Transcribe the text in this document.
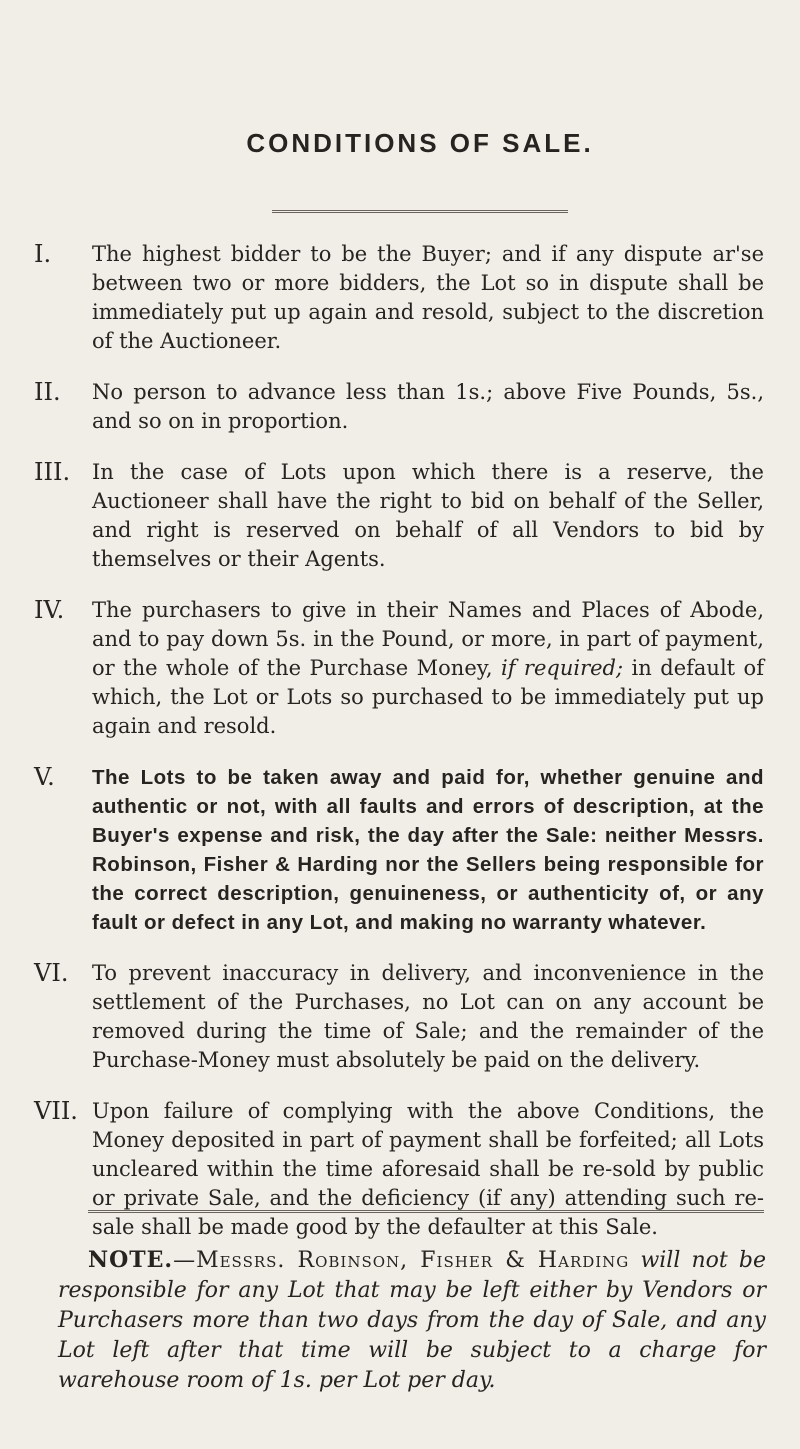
CONDITIONS OF SALE.
I.	The highest bidder to be the Buyer; and if any dispute ar'se between two or more bidders, the Lot so in dispute shall be immediately put up again and resold, subject to the discretion of the Auctioneer.
II.	No person to advance less than 1s.; above Five Pounds, 5s., and so on in proportion.
III.	In the case of Lots upon which there is a reserve, the Auctioneer shall have the right to bid on behalf of the Seller, and right is reserved on behalf of all Vendors to bid by themselves or their Agents.
IV.	The purchasers to give in their Names and Places of Abode, and to pay down 5s. in the Pound, or more, in part of payment, or the whole of the Purchase Money, if required; in default of which, the Lot or Lots so purchased to be immediately put up again and resold.
V.	The Lots to be taken away and paid for, whether genuine and authentic or not, with all faults and errors of description, at the Buyer's expense and risk, the day after the Sale: neither Messrs. Robinson, Fisher & Harding nor the Sellers being responsible for the correct description, genuineness, or authenticity of, or any fault or defect in any Lot, and making no warranty whatever.
VI.	To prevent inaccuracy in delivery, and inconvenience in the settlement of the Purchases, no Lot can on any account be removed during the time of Sale; and the remainder of the Purchase-Money must absolutely be paid on the delivery.
VII. Upon failure of complying with the above Conditions, the Money deposited in part of payment shall be forfeited; all Lots uncleared within the time aforesaid shall be re-sold by public or private Sale, and the deficiency (if any) attending such re-sale shall be made good by the defaulter at this Sale.

NOTE.—Messrs. Robinson, Fisher & Harding will not be responsible for any Lot that may be left either by Vendors or Purchasers more than two days from the day of Sale, and any Lot left after that time will be subject to a charge for warehouse room of 1s. per Lot per day.
